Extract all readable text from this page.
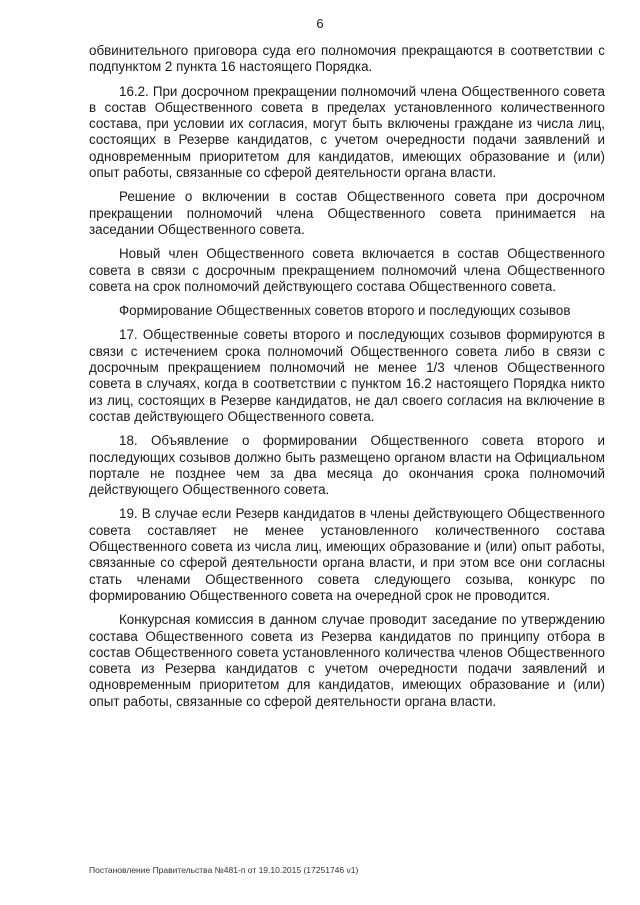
6

обвинительного приговора суда его полномочия прекращаются в соответствии с подпунктом 2 пункта 16 настоящего Порядка.

16.2. При досрочном прекращении полномочий члена Общественного совета в состав Общественного совета в пределах установленного количественного состава, при условии их согласия, могут быть включены граждане из числа лиц, состоящих в Резерве кандидатов, с учетом очередности подачи заявлений и одновременным приоритетом для кандидатов, имеющих образование и (или) опыт работы, связанные со сферой деятельности органа власти.

Решение о включении в состав Общественного совета при досрочном прекращении полномочий члена Общественного совета принимается на заседании Общественного совета.

Новый член Общественного совета включается в состав Общественного совета в связи с досрочным прекращением полномочий члена Общественного совета на срок полномочий действующего состава Общественного совета.

Формирование Общественных советов второго и последующих созывов

17. Общественные советы второго и последующих созывов формируются в связи с истечением срока полномочий Общественного совета либо в связи с досрочным прекращением полномочий не менее 1/3 членов Общественного совета в случаях, когда в соответствии с пунктом 16.2 настоящего Порядка никто из лиц, состоящих в Резерве кандидатов, не дал своего согласия на включение в состав действующего Общественного совета.

18. Объявление о формировании Общественного совета второго и последующих созывов должно быть размещено органом власти на Официальном портале не позднее чем за два месяца до окончания срока полномочий действующего Общественного совета.

19. В случае если Резерв кандидатов в члены действующего Общественного совета составляет не менее установленного количественного состава Общественного совета из числа лиц, имеющих образование и (или) опыт работы, связанные со сферой деятельности органа власти, и при этом все они согласны стать членами Общественного совета следующего созыва, конкурс по формированию Общественного совета на очередной срок не проводится.

Конкурсная комиссия в данном случае проводит заседание по утверждению состава Общественного совета из Резерва кандидатов по принципу отбора в состав Общественного совета установленного количества членов Общественного совета из Резерва кандидатов с учетом очередности подачи заявлений и одновременным приоритетом для кандидатов, имеющих образование и (или) опыт работы, связанные со сферой деятельности органа власти.

Постановление Правительства №481-п от 19.10.2015 (17251746 v1)
